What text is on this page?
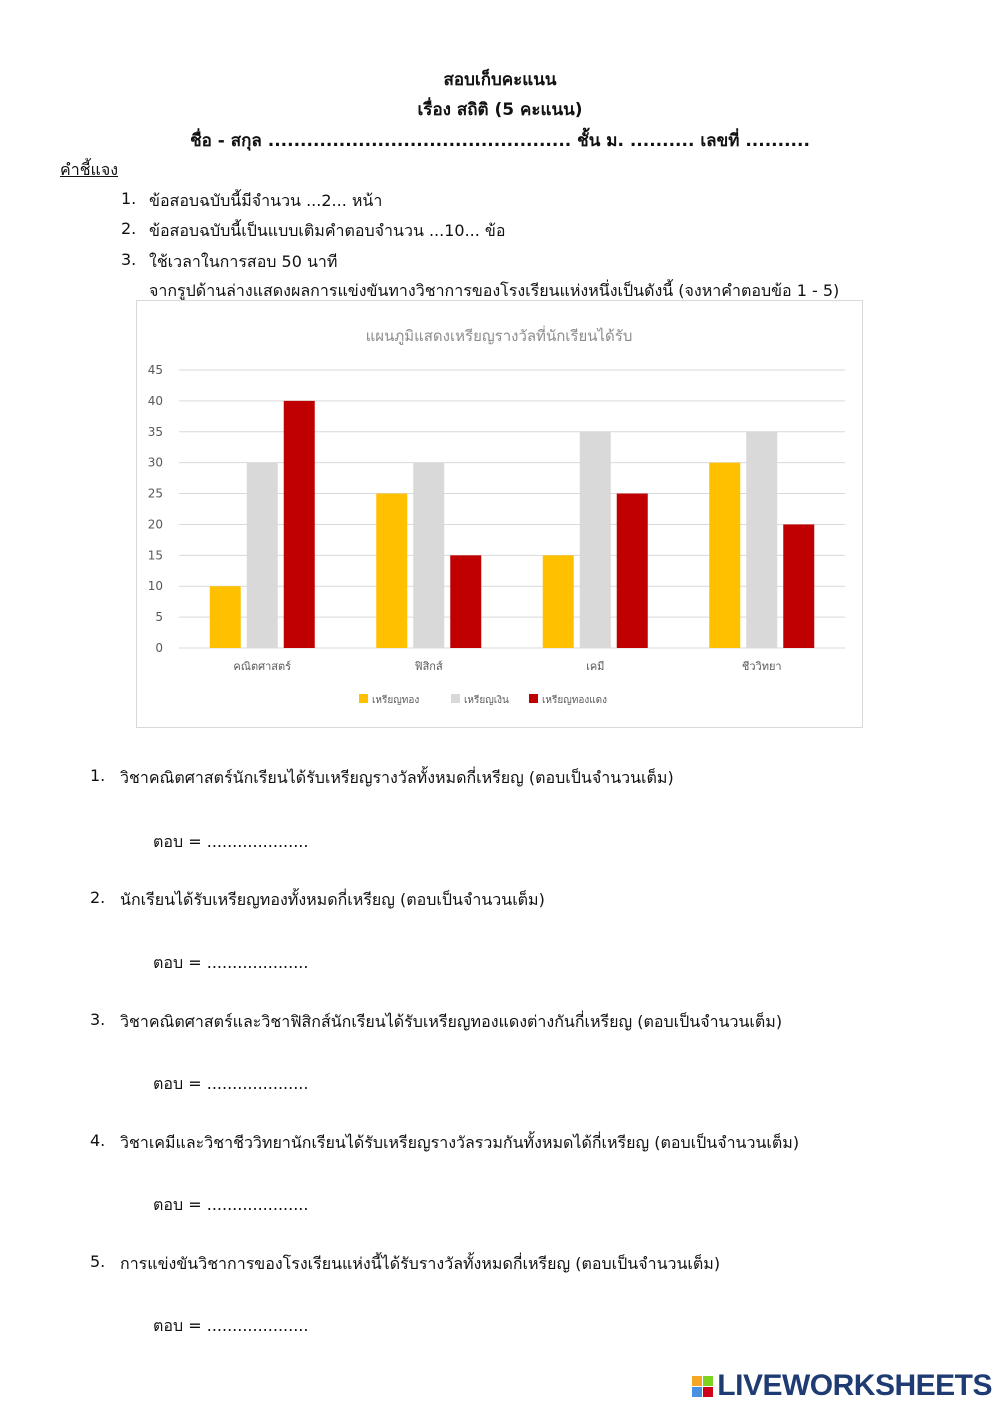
สอบเก็บคะแนน
เรื่อง สถิติ (5 คะแนน)
ชื่อ - สกุล ............................................... ชั้น ม. .......... เลขที่ ..........
คำชี้แจง
1. ข้อสอบฉบับนี้มีจำนวน ...2... หน้า
2. ข้อสอบฉบับนี้เป็นแบบเติมคำตอบจำนวน ...10... ข้อ
3. ใช้เวลาในการสอบ 50 นาที
จากรูปด้านล่างแสดงผลการแข่งขันทางวิชาการของโรงเรียนแห่งหนึ่งเป็นดังนี้ (จงหาคำตอบข้อ 1 - 5)
แผนภูมิแสดงเหรียญรางวัลที่นักเรียนได้รับ
0
5
10
15
20
25
30
35
40
45
คณิตศาสตร์	ฟิสิกส์	เคมี	ชีววิทยา
เหรียญทอง	เหรียญเงิน	เหรียญทองแดง
1. วิชาคณิตศาสตร์นักเรียนได้รับเหรียญรางวัลทั้งหมดกี่เหรียญ (ตอบเป็นจำนวนเต็ม)
ตอบ = ....................
2. นักเรียนได้รับเหรียญทองทั้งหมดกี่เหรียญ (ตอบเป็นจำนวนเต็ม)
ตอบ = ....................
3. วิชาคณิตศาสตร์และวิชาฟิสิกส์นักเรียนได้รับเหรียญทองแดงต่างกันกี่เหรียญ (ตอบเป็นจำนวนเต็ม)
ตอบ = ....................
4. วิชาเคมีและวิชาชีววิทยานักเรียนได้รับเหรียญรางวัลรวมกันทั้งหมดได้กี่เหรียญ (ตอบเป็นจำนวนเต็ม)
ตอบ = ....................
5. การแข่งขันวิชาการของโรงเรียนแห่งนี้ได้รับรางวัลทั้งหมดกี่เหรียญ (ตอบเป็นจำนวนเต็ม)
ตอบ = ....................
LIVEWORKSHEETS
